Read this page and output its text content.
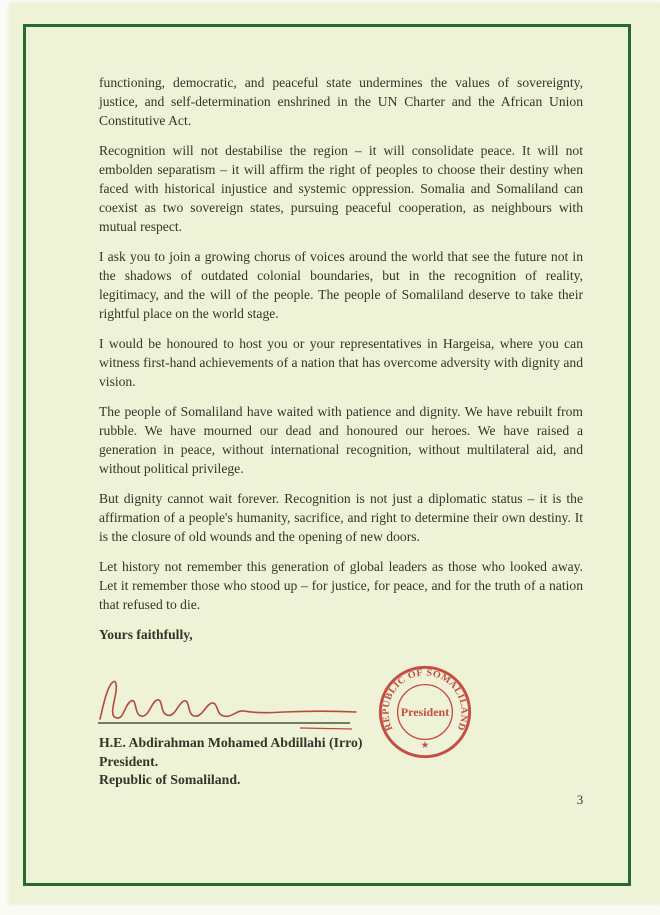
functioning, democratic, and peaceful state undermines the values of sovereignty, justice, and self-determination enshrined in the UN Charter and the African Union Constitutive Act.

Recognition will not destabilise the region – it will consolidate peace. It will not embolden separatism – it will affirm the right of peoples to choose their destiny when faced with historical injustice and systemic oppression. Somalia and Somaliland can coexist as two sovereign states, pursuing peaceful cooperation, as neighbours with mutual respect.

I ask you to join a growing chorus of voices around the world that see the future not in the shadows of outdated colonial boundaries, but in the recognition of reality, legitimacy, and the will of the people. The people of Somaliland deserve to take their rightful place on the world stage.

I would be honoured to host you or your representatives in Hargeisa, where you can witness first-hand achievements of a nation that has overcome adversity with dignity and vision.

The people of Somaliland have waited with patience and dignity. We have rebuilt from rubble. We have mourned our dead and honoured our heroes. We have raised a generation in peace, without international recognition, without multilateral aid, and without political privilege.

But dignity cannot wait forever. Recognition is not just a diplomatic status – it is the affirmation of a people's humanity, sacrifice, and right to determine their own destiny. It is the closure of old wounds and the opening of new doors.

Let history not remember this generation of global leaders as those who looked away. Let it remember those who stood up – for justice, for peace, and for the truth of a nation that refused to die.

Yours faithfully,

H.E. Abdirahman Mohamed Abdillahi (Irro)
President.
Republic of Somaliland.
REPUBLIC OF SOMALILAND
President
★
3
